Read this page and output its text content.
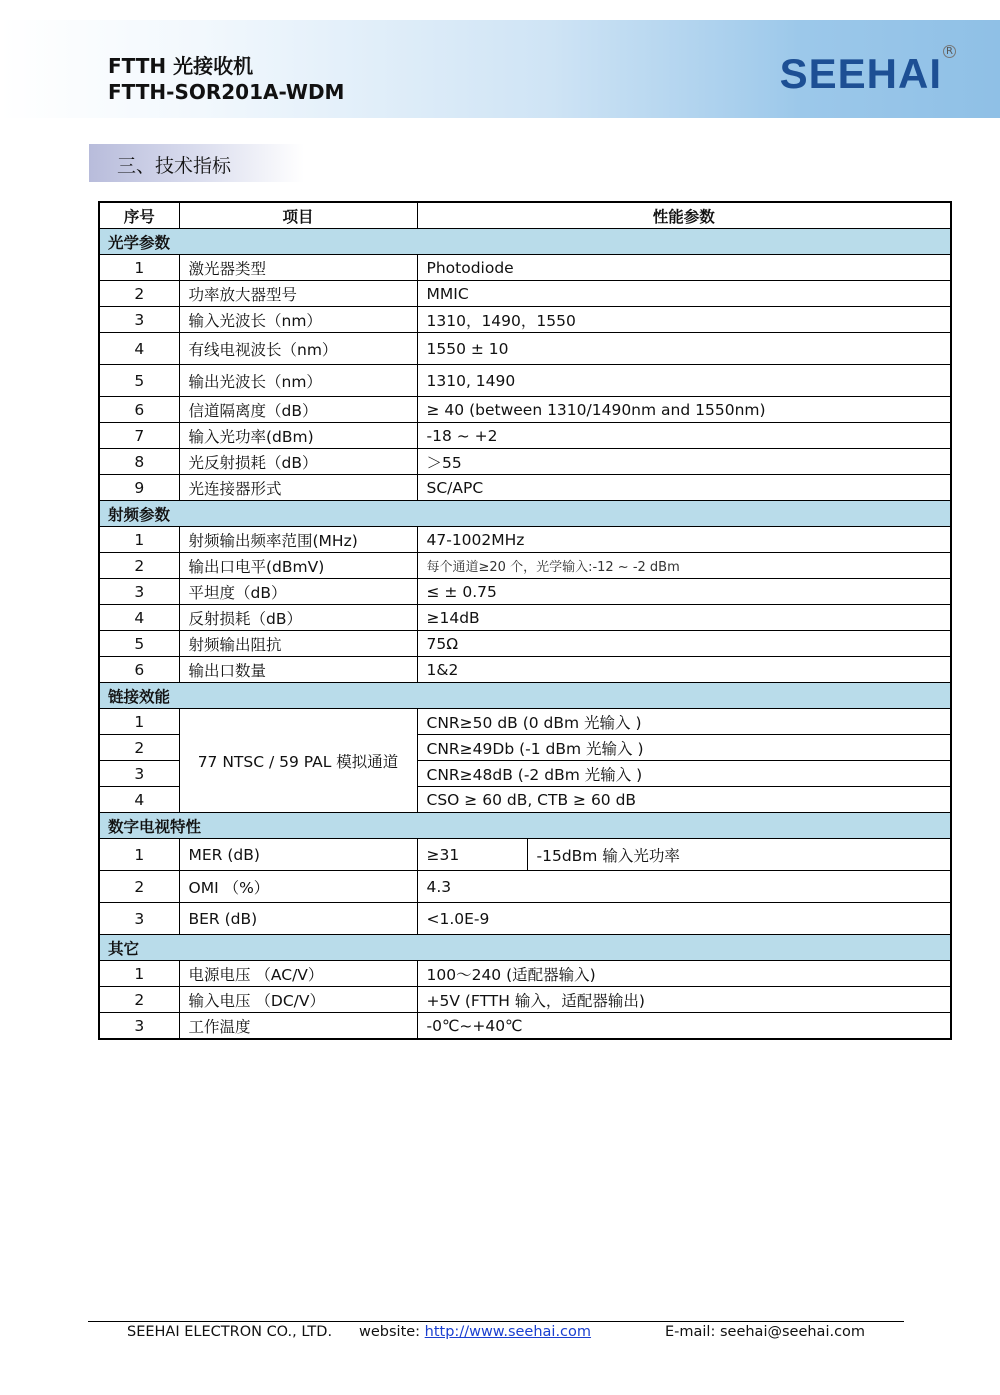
FTTH 光接收机
FTTH-SOR201A-WDM	SEEHAI R
三、技术指标
序号	项目	性能参数	
光学参数			
1	激光器类型	Photodiode	
2	功率放大器型号	MMIC	
3	输入光波长（nm）	1310，1490，1550	
4	有线电视波长（nm）	1550 ± 10	
5	输出光波长（nm）	1310, 1490	
6	信道隔离度（dB）	≥ 40 (between 1310/1490nm and 1550nm)	
7	输入光功率(dBm)	-18 ~ +2	
8	光反射损耗（dB）	＞55	
9	光连接器形式	SC/APC	
射频参数			
1	射频输出频率范围(MHz)	47-1002MHz	
2	输出口电平(dBmV)	每个通道≥20 个，光学输入:-12 ~ -2 dBm	
3	平坦度（dB）	≤ ± 0.75	
4	反射损耗（dB）	≥14dB	
5	射频输出阻抗	75Ω	
6	输出口数量	1&2	
链接效能			
1	77 NTSC / 59 PAL 模拟通道	CNR≥50 dB (0 dBm 光输入 )	
2		CNR≥49Db (-1 dBm 光输入 )	
3		CNR≥48dB (-2 dBm 光输入 )	
4		CSO ≥ 60 dB, CTB ≥ 60 dB	
数字电视特性			
1	MER (dB)	≥31	-15dBm 输入光功率
2	OMI （%）	4.3	
3	BER (dB)	<1.0E-9	
其它			
1	电源电压 （AC/V）	100～240 (适配器输入)	
2	输入电压 （DC/V）	+5V (FTTH 输入，适配器输出)	
3	工作温度	-0℃~+40℃	
SEEHAI ELECTRON CO., LTD. website: http://www.seehai.com	E-mail: seehai@seehai.com
